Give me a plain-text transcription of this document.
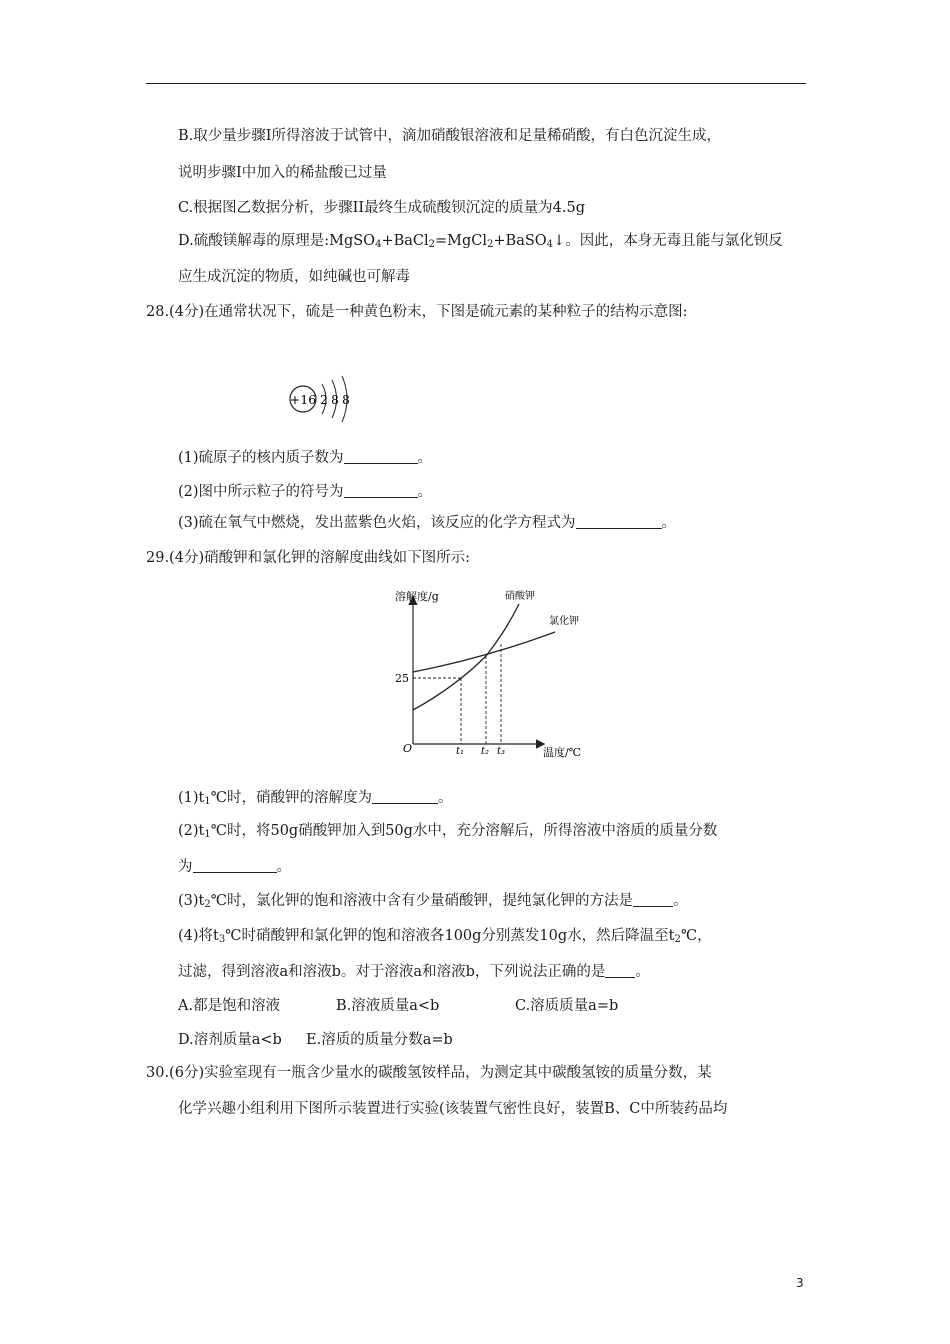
B.取少量步骤Ⅰ所得溶波于试管中，滴加硝酸银溶液和足量稀硝酸，有白色沉淀生成，
说明步骤Ⅰ中加入的稀盐酸已过量
C.根据图乙数据分析，步骤II最终生成硫酸钡沉淀的质量为4.5g
D.硫酸镁解毒的原理是:MgSO$_4$+BaCl$_2$=MgCl$_2$+BaSO$_4$↓。因此，本身无毒且能与氯化钡反
应生成沉淀的物质，如纯碱也可解毒
28.(4分)在通常状况下，硫是一种黄色粉末，下图是硫元素的某种粒子的结构示意图:
+16 2 8 8
(1)硫原子的核内质子数为	。
(2)图中所示粒子的符号为	。
(3)硫在氧气中燃烧，发出蓝紫色火焰，该反应的化学方程式为	。
29.(4分)硝酸钾和氯化钾的溶解度曲线如下图所示:
溶解度/g
温度/℃
O
25
硝酸钾
氯化钾
t₁ t₂ t₃
$(1)t_1℃$时，硝酸钾的溶解度为	。
$(2)t_1℃$时，将50g硝酸钾加入到50g水中，充分溶解后，所得溶液中溶质的质量分数
为	。
$(3)t_2℃$时，氯化钾的饱和溶液中含有少量硝酸钾，提纯氯化钾的方法是	。
(4)将$t_3℃$时硝酸钾和氯化钾的饱和溶液各100g分别蒸发10g水，然后降温至$t_2℃$，
过滤，得到溶液a和溶液b。对于溶液a和溶液b，下列说法正确的是 。
A.都是饱和溶液	B.溶液质量a<b	C.溶质质量a=b
D.溶剂质量a<b E.溶质的质量分数a=b
30.(6分)实验室现有一瓶含少量水的碳酸氢铵样品，为测定其中碳酸氢铵的质量分数，某
化学兴趣小组利用下图所示装置进行实验(该装置气密性良好，装置B、C中所装药品均
3
